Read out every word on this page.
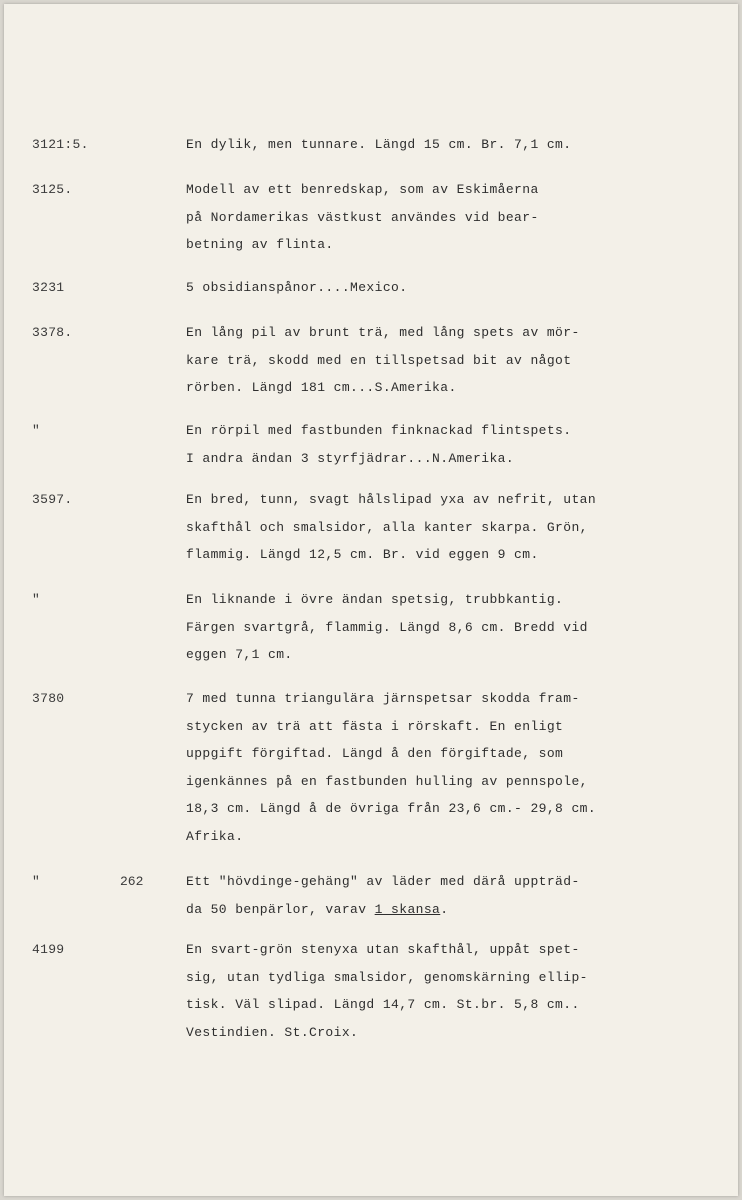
3121:5.	En dylik, men tunnare. Längd 15 cm. Br. 7,1 cm.
3125.	Modell av ett benredskap, som av Eskimåerna
på Nordamerikas västkust användes vid bear-
betning av flinta.
3231	5 obsidianspånor....Mexico.
3378.	En lång pil av brunt trä, med lång spets av mör-
kare trä, skodd med en tillspetsad bit av något
rörben. Längd 181 cm...S.Amerika.
"	En rörpil med fastbunden finknackad flintspets.
I andra ändan 3 styrfjädrar...N.Amerika.
3597.	En bred, tunn, svagt hålslipad yxa av nefrit, utan
skafthål och smalsidor, alla kanter skarpa. Grön,
flammig. Längd 12,5 cm. Br. vid eggen 9 cm.
"	En liknande i övre ändan spetsig, trubbkantig.
Färgen svartgrå, flammig. Längd 8,6 cm. Bredd vid
eggen 7,1 cm.
3780	7 med tunna triangulära järnspetsar skodda fram-
stycken av trä att fästa i rörskaft. En enligt
uppgift förgiftad. Längd å den förgiftade, som
igenkännes på en fastbunden hulling av pennspole,
18,3 cm. Längd å de övriga från 23,6 cm.- 29,8 cm.
Afrika.
"	262	Ett "hövdinge-gehäng" av läder med därå uppträd-
da 50 benpärlor, varav 1 skansa.
4199	En svart-grön stenyxa utan skafthål, uppåt spet-
sig, utan tydliga smalsidor, genomskärning ellip-
tisk. Väl slipad. Längd 14,7 cm. St.br. 5,8 cm..
Vestindien. St.Croix.
